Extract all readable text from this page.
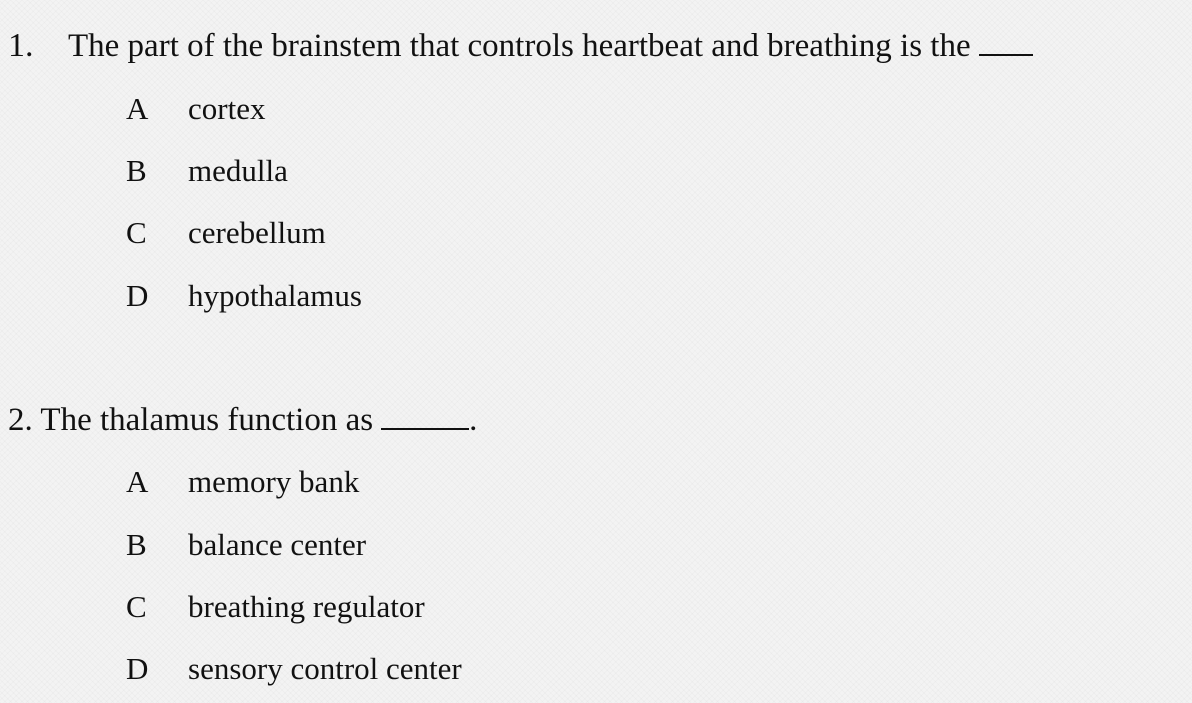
1. The part of the brainstem that controls heartbeat and breathing is the
A cortex
B medulla
C cerebellum
D hypothalamus
2. The thalamus function as	.
A memory bank
B balance center
C breathing regulator
D sensory control center
